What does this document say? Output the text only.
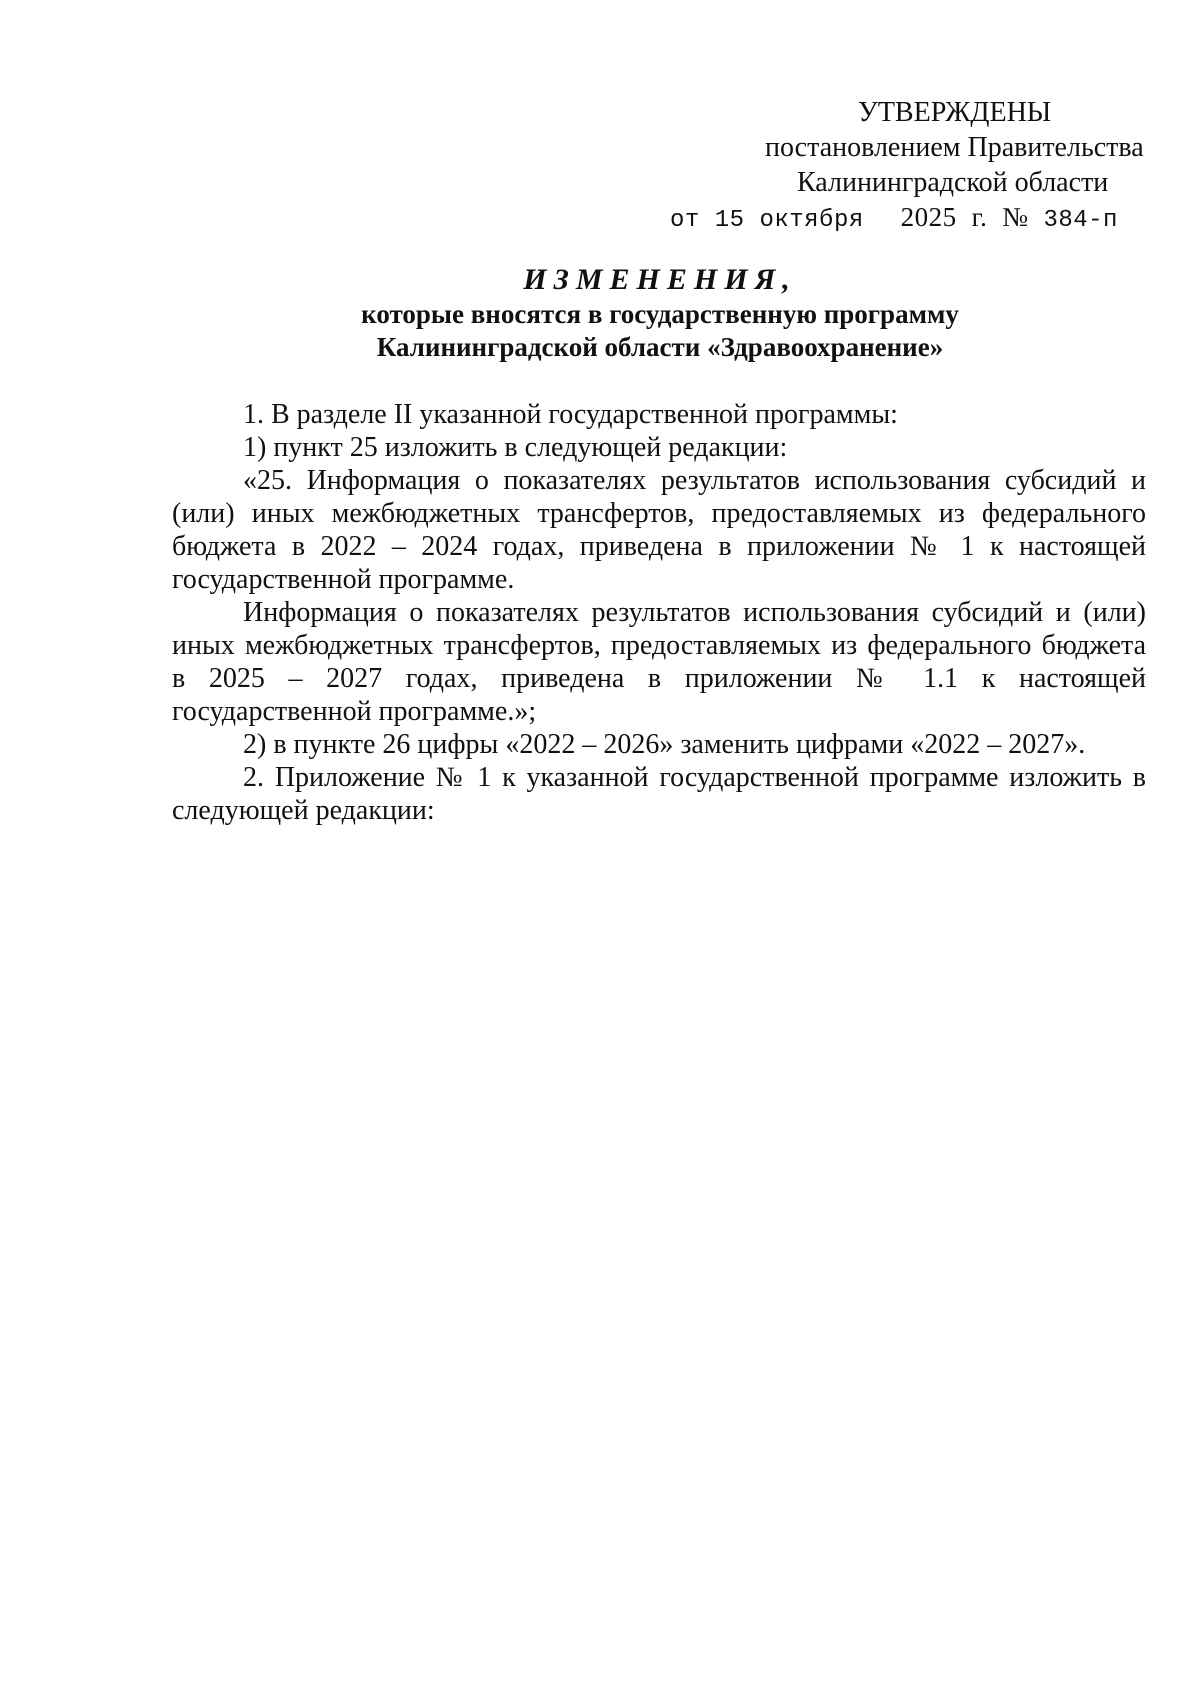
УТВЕРЖДЕНЫ
постановлением Правительства
Калининградской области
от 15 октября 2025 г. № 384-п
ИЗМЕНЕНИЯ,
которые вносятся в государственную программу
Калининградской области «Здравоохранение»

1. В разделе II указанной государственной программы:

1) пункт 25 изложить в следующей редакции:

«25. Информация о показателях результатов использования субсидий и (или) иных межбюджетных трансфертов, предоставляемых из федерального бюджета в 2022 – 2024 годах, приведена в приложении № 1 к настоящей государственной программе.

Информация о показателях результатов использования субсидий и (или) иных межбюджетных трансфертов, предоставляемых из федерального бюджета в 2025 – 2027 годах, приведена в приложении № 1.1 к настоящей государственной программе.»;

2) в пункте 26 цифры «2022 – 2026» заменить цифрами «2022 – 2027».

2. Приложение № 1 к указанной государственной программе изложить в следующей редакции:
